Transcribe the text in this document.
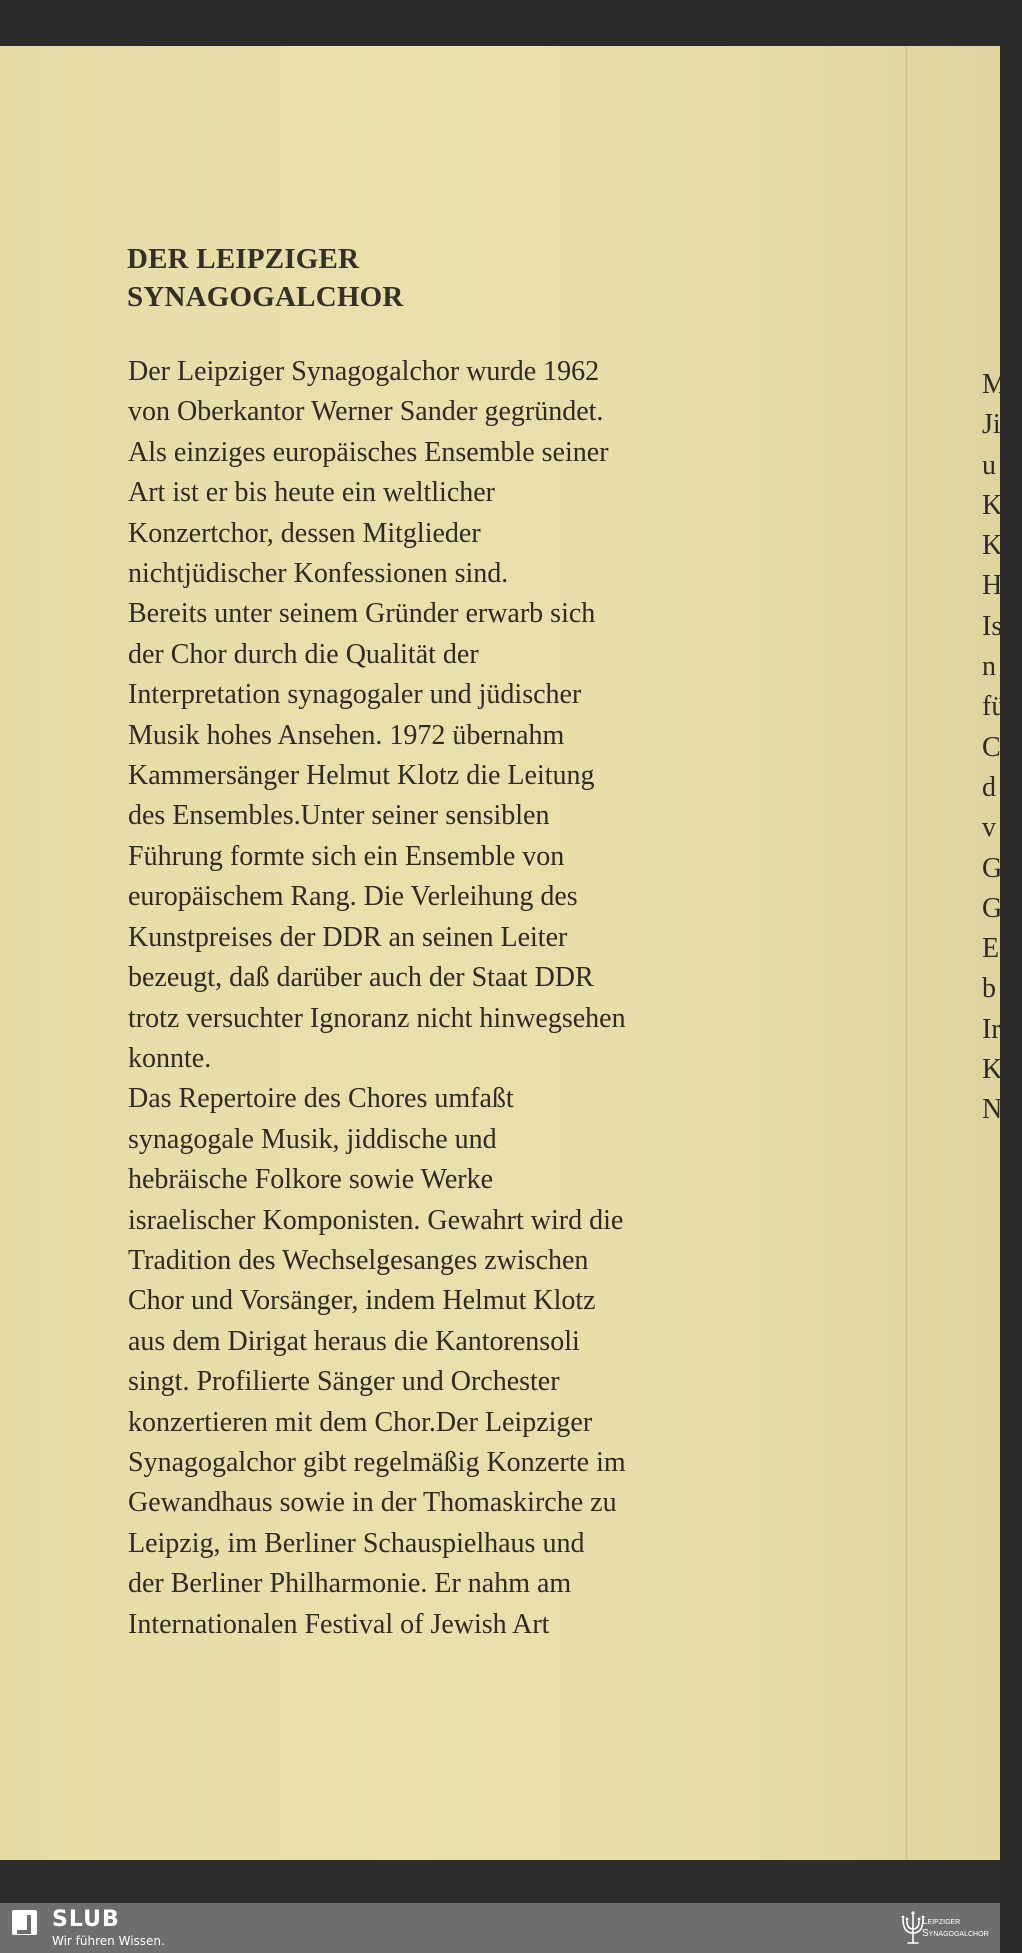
DER LEIPZIGER
SYNAGOGALCHOR
Der Leipziger Synagogalchor wurde 1962
von Oberkantor Werner Sander gegründet.
Als einziges europäisches Ensemble seiner
Art ist er bis heute ein weltlicher
Konzertchor, dessen Mitglieder
nichtjüdischer Konfessionen sind.
Bereits unter seinem Gründer erwarb sich
der Chor durch die Qualität der
Interpretation synagogaler und jüdischer
Musik hohes Ansehen. 1972 übernahm
Kammersänger Helmut Klotz die Leitung
des Ensembles.Unter seiner sensiblen
Führung formte sich ein Ensemble von
europäischem Rang. Die Verleihung des
Kunstpreises der DDR an seinen Leiter
bezeugt, daß darüber auch der Staat DDR
trotz versuchter Ignoranz nicht hinwegsehen
konnte.
Das Repertoire des Chores umfaßt
synagogale Musik, jiddische und
hebräische Folkore sowie Werke
israelischer Komponisten. Gewahrt wird die
Tradition des Wechselgesanges zwischen
Chor und Vorsänger, indem Helmut Klotz
aus dem Dirigat heraus die Kantorensoli
singt. Profilierte Sänger und Orchester
konzertieren mit dem Chor.Der Leipziger
Synagogalchor gibt regelmäßig Konzerte im
Gewandhaus sowie in der Thomaskirche zu
Leipzig, im Berliner Schauspielhaus und
der Berliner Philharmonie. Er nahm am
Internationalen Festival of Jewish Art
M
Ji
u
K
K
H
Is
n
fü
C
d
v
G
G
E
b
Ir
K
N
SLUB
Wir führen Wissen.
Leipziger
Synagogalchor
